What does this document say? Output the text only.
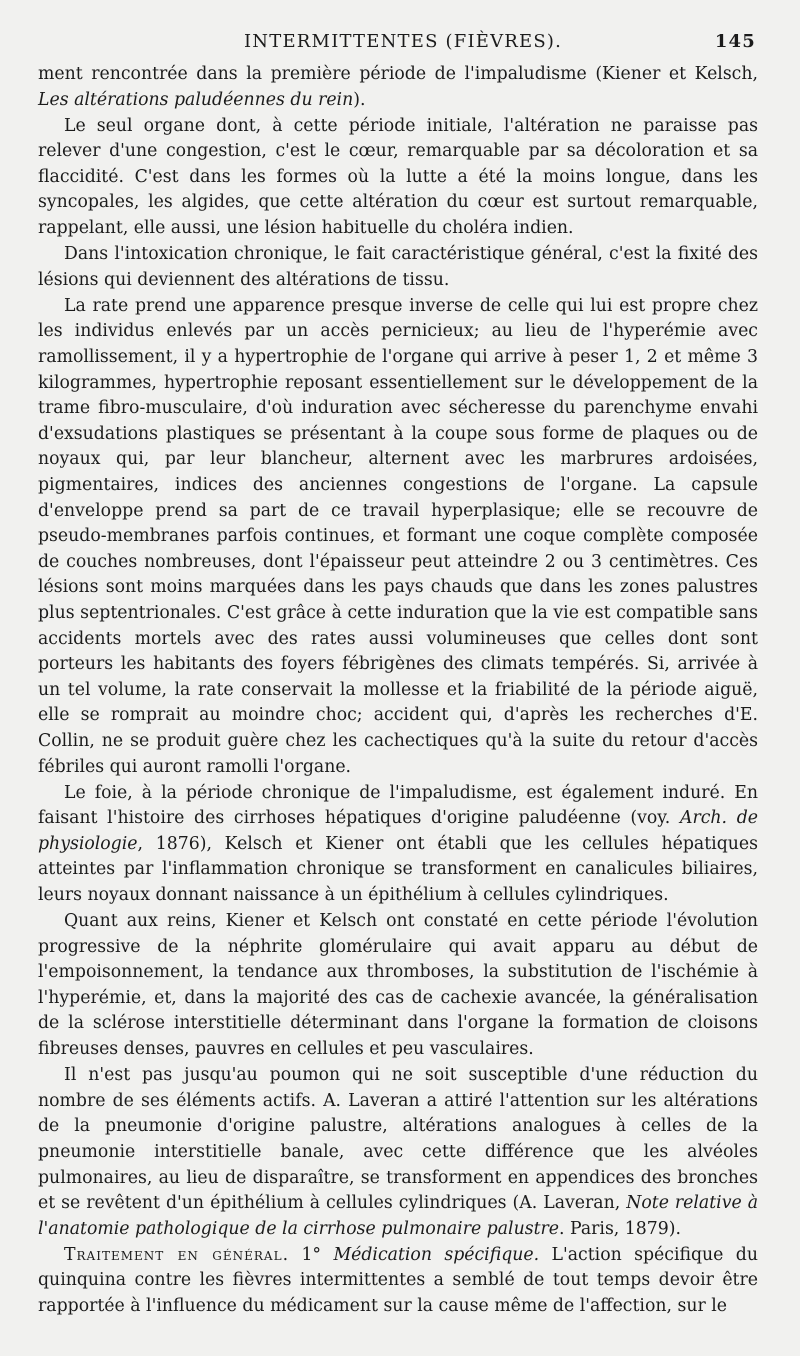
INTERMITTENTES (FIÈVRES).	145

ment rencontrée dans la première période de l'impaludisme (Kiener et Kelsch, Les altérations paludéennes du rein).

Le seul organe dont, à cette période initiale, l'altération ne paraisse pas relever d'une congestion, c'est le cœur, remarquable par sa décoloration et sa flaccidité. C'est dans les formes où la lutte a été la moins longue, dans les syncopales, les algides, que cette altération du cœur est surtout remarquable, rappelant, elle aussi, une lésion habituelle du choléra indien.

Dans l'intoxication chronique, le fait caractéristique général, c'est la fixité des lésions qui deviennent des altérations de tissu.

La rate prend une apparence presque inverse de celle qui lui est propre chez les individus enlevés par un accès pernicieux; au lieu de l'hyperémie avec ramollissement, il y a hypertrophie de l'organe qui arrive à peser 1, 2 et même 3 kilogrammes, hypertrophie reposant essentiellement sur le développement de la trame fibro-musculaire, d'où induration avec sécheresse du parenchyme envahi d'exsudations plastiques se présentant à la coupe sous forme de plaques ou de noyaux qui, par leur blancheur, alternent avec les marbrures ardoisées, pigmentaires, indices des anciennes congestions de l'organe. La capsule d'enveloppe prend sa part de ce travail hyperplasique; elle se recouvre de pseudo-membranes parfois continues, et formant une coque complète composée de couches nombreuses, dont l'épaisseur peut atteindre 2 ou 3 centimètres. Ces lésions sont moins marquées dans les pays chauds que dans les zones palustres plus septentrionales. C'est grâce à cette induration que la vie est compatible sans accidents mortels avec des rates aussi volumineuses que celles dont sont porteurs les habitants des foyers fébrigènes des climats tempérés. Si, arrivée à un tel volume, la rate conservait la mollesse et la friabilité de la période aiguë, elle se romprait au moindre choc; accident qui, d'après les recherches d'E. Collin, ne se produit guère chez les cachectiques qu'à la suite du retour d'accès fébriles qui auront ramolli l'organe.

Le foie, à la période chronique de l'impaludisme, est également induré. En faisant l'histoire des cirrhoses hépatiques d'origine paludéenne (voy. Arch. de physiologie, 1876), Kelsch et Kiener ont établi que les cellules hépatiques atteintes par l'inflammation chronique se transforment en canalicules biliaires, leurs noyaux donnant naissance à un épithélium à cellules cylindriques.

Quant aux reins, Kiener et Kelsch ont constaté en cette période l'évolution progressive de la néphrite glomérulaire qui avait apparu au début de l'empoisonnement, la tendance aux thromboses, la substitution de l'ischémie à l'hyperémie, et, dans la majorité des cas de cachexie avancée, la généralisation de la sclérose interstitielle déterminant dans l'organe la formation de cloisons fibreuses denses, pauvres en cellules et peu vasculaires.

Il n'est pas jusqu'au poumon qui ne soit susceptible d'une réduction du nombre de ses éléments actifs. A. Laveran a attiré l'attention sur les altérations de la pneumonie d'origine palustre, altérations analogues à celles de la pneumonie interstitielle banale, avec cette différence que les alvéoles pulmonaires, au lieu de disparaître, se transforment en appendices des bronches et se revêtent d'un épithélium à cellules cylindriques (A. Laveran, Note relative à l'anatomie pathologique de la cirrhose pulmonaire palustre. Paris, 1879).

Traitement en général. 1° Médication spécifique. L'action spécifique du quinquina contre les fièvres intermittentes a semblé de tout temps devoir être rapportée à l'influence du médicament sur la cause même de l'affection, sur le
